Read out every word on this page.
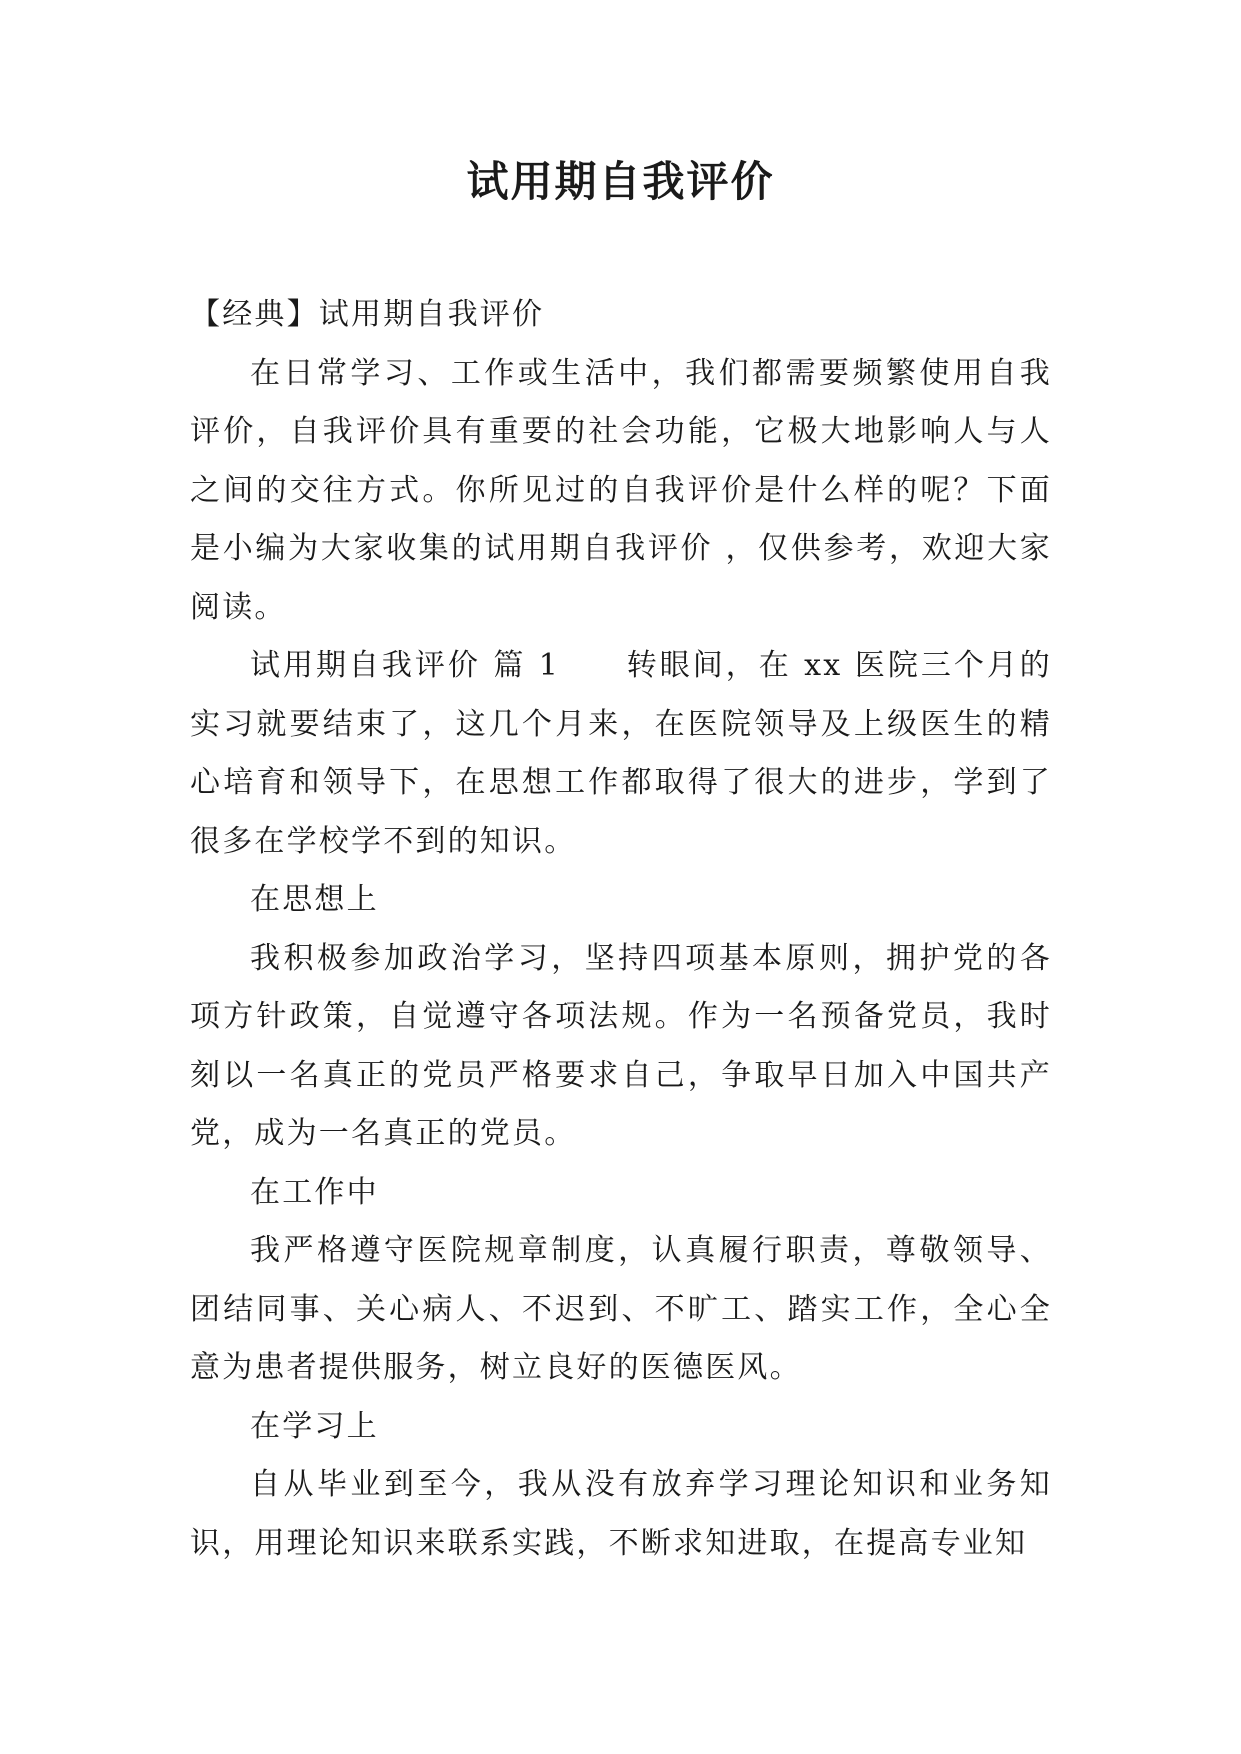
试用期自我评价

【经典】试用期自我评价

在日常学习、工作或生活中，我们都需要频繁使用自我评价，自我评价具有重要的社会功能，它极大地影响人与人之间的交往方式。你所见过的自我评价是什么样的呢？下面是小编为大家收集的试用期自我评价 ，仅供参考，欢迎大家阅读。

试用期自我评价 篇 1　　转眼间，在 xx 医院三个月的实习就要结束了，这几个月来，在医院领导及上级医生的精心培育和领导下，在思想工作都取得了很大的进步，学到了很多在学校学不到的知识。

在思想上

我积极参加政治学习，坚持四项基本原则，拥护党的各项方针政策，自觉遵守各项法规。作为一名预备党员，我时刻以一名真正的党员严格要求自己，争取早日加入中国共产党，成为一名真正的党员。

在工作中

我严格遵守医院规章制度，认真履行职责，尊敬领导、团结同事、关心病人、不迟到、不旷工、踏实工作，全心全意为患者提供服务，树立良好的医德医风。

在学习上

自从毕业到至今，我从没有放弃学习理论知识和业务知识，用理论知识来联系实践，不断求知进取，在提高专业知
